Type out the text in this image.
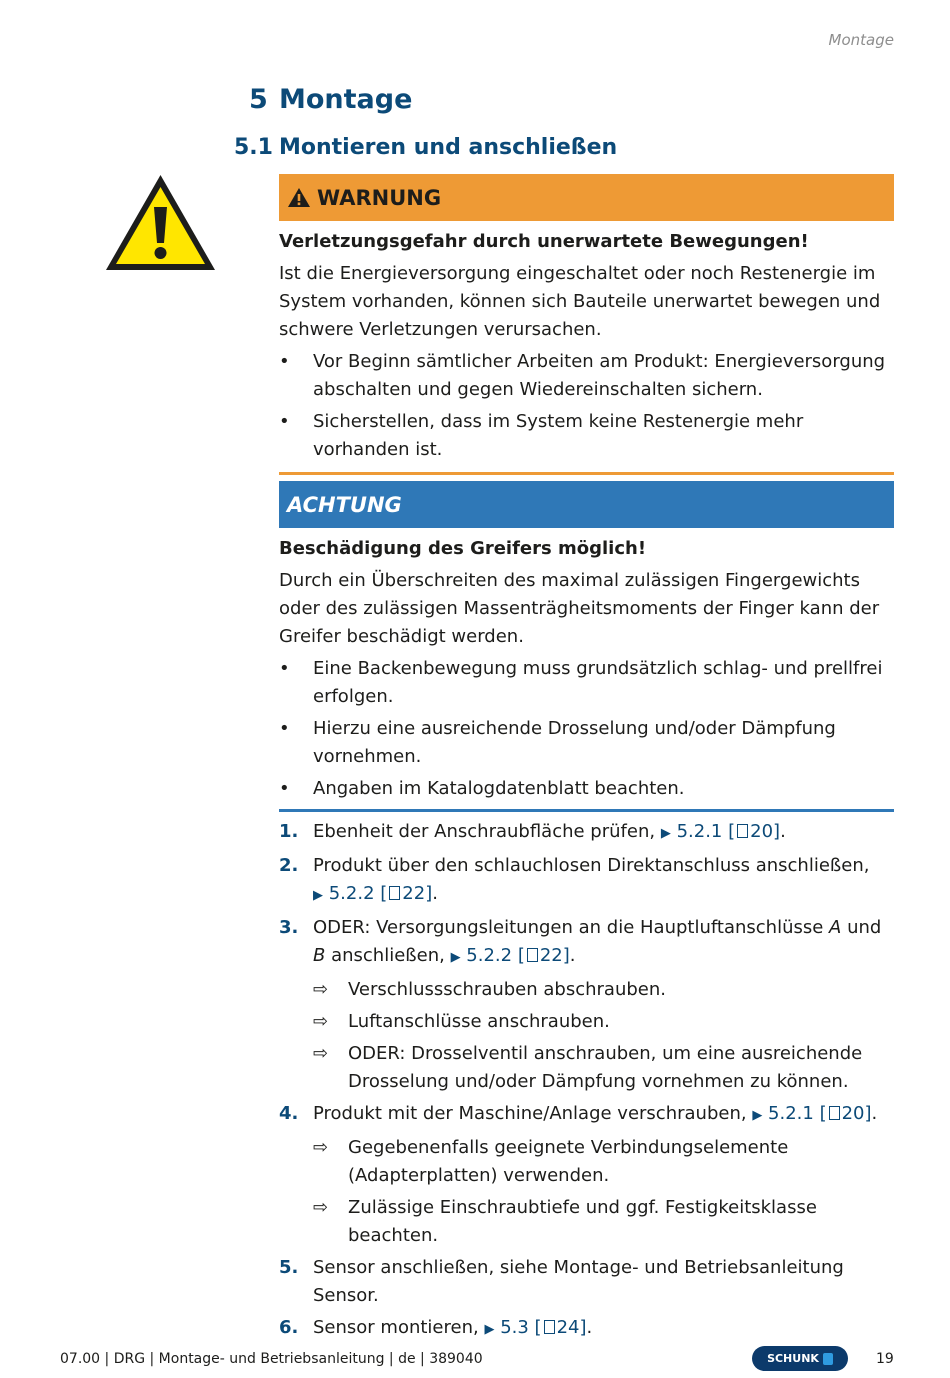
Montage
5 Montage
5.1 Montieren und anschließen
WARNUNG
Verletzungsgefahr durch unerwartete Bewegungen!
Ist die Energieversorgung eingeschaltet oder noch Restenergie im System vorhanden, können sich Bauteile unerwartet bewegen und schwere Verletzungen verursachen.
• Vor Beginn sämtlicher Arbeiten am Produkt: Energieversorgung abschalten und gegen Wiedereinschalten sichern.
• Sicherstellen, dass im System keine Restenergie mehr vorhanden ist.
ACHTUNG
Beschädigung des Greifers möglich!
Durch ein Überschreiten des maximal zulässigen Fingergewichts oder des zulässigen Massenträgheitsmoments der Finger kann der Greifer beschädigt werden.
• Eine Backenbewegung muss grundsätzlich schlag- und prellfrei erfolgen.
• Hierzu eine ausreichende Drosselung und/oder Dämpfung vornehmen.
• Angaben im Katalogdatenblatt beachten.
1. Ebenheit der Anschraubfläche prüfen, ▶ 5.2.1 [ 20].
2. Produkt über den schlauchlosen Direktanschluss anschließen, ▶ 5.2.2 [ 22].
3. ODER: Versorgungsleitungen an die Hauptluftanschlüsse A und B anschließen, ▶ 5.2.2 [ 22].
⇨ Verschlussschrauben abschrauben.
⇨ Luftanschlüsse anschrauben.
⇨ ODER: Drosselventil anschrauben, um eine ausreichende Drosselung und/oder Dämpfung vornehmen zu können.
4. Produkt mit der Maschine/Anlage verschrauben, ▶ 5.2.1 [ 20].
⇨ Gegebenenfalls geeignete Verbindungselemente (Adapterplatten) verwenden.
⇨ Zulässige Einschraubtiefe und ggf. Festigkeitsklasse beachten.
5. Sensor anschließen, siehe Montage- und Betriebsanleitung Sensor.
6. Sensor montieren, ▶ 5.3 [ 24].
07.00 | DRG | Montage- und Betriebsanleitung | de | 389040	SCHUNK	19
